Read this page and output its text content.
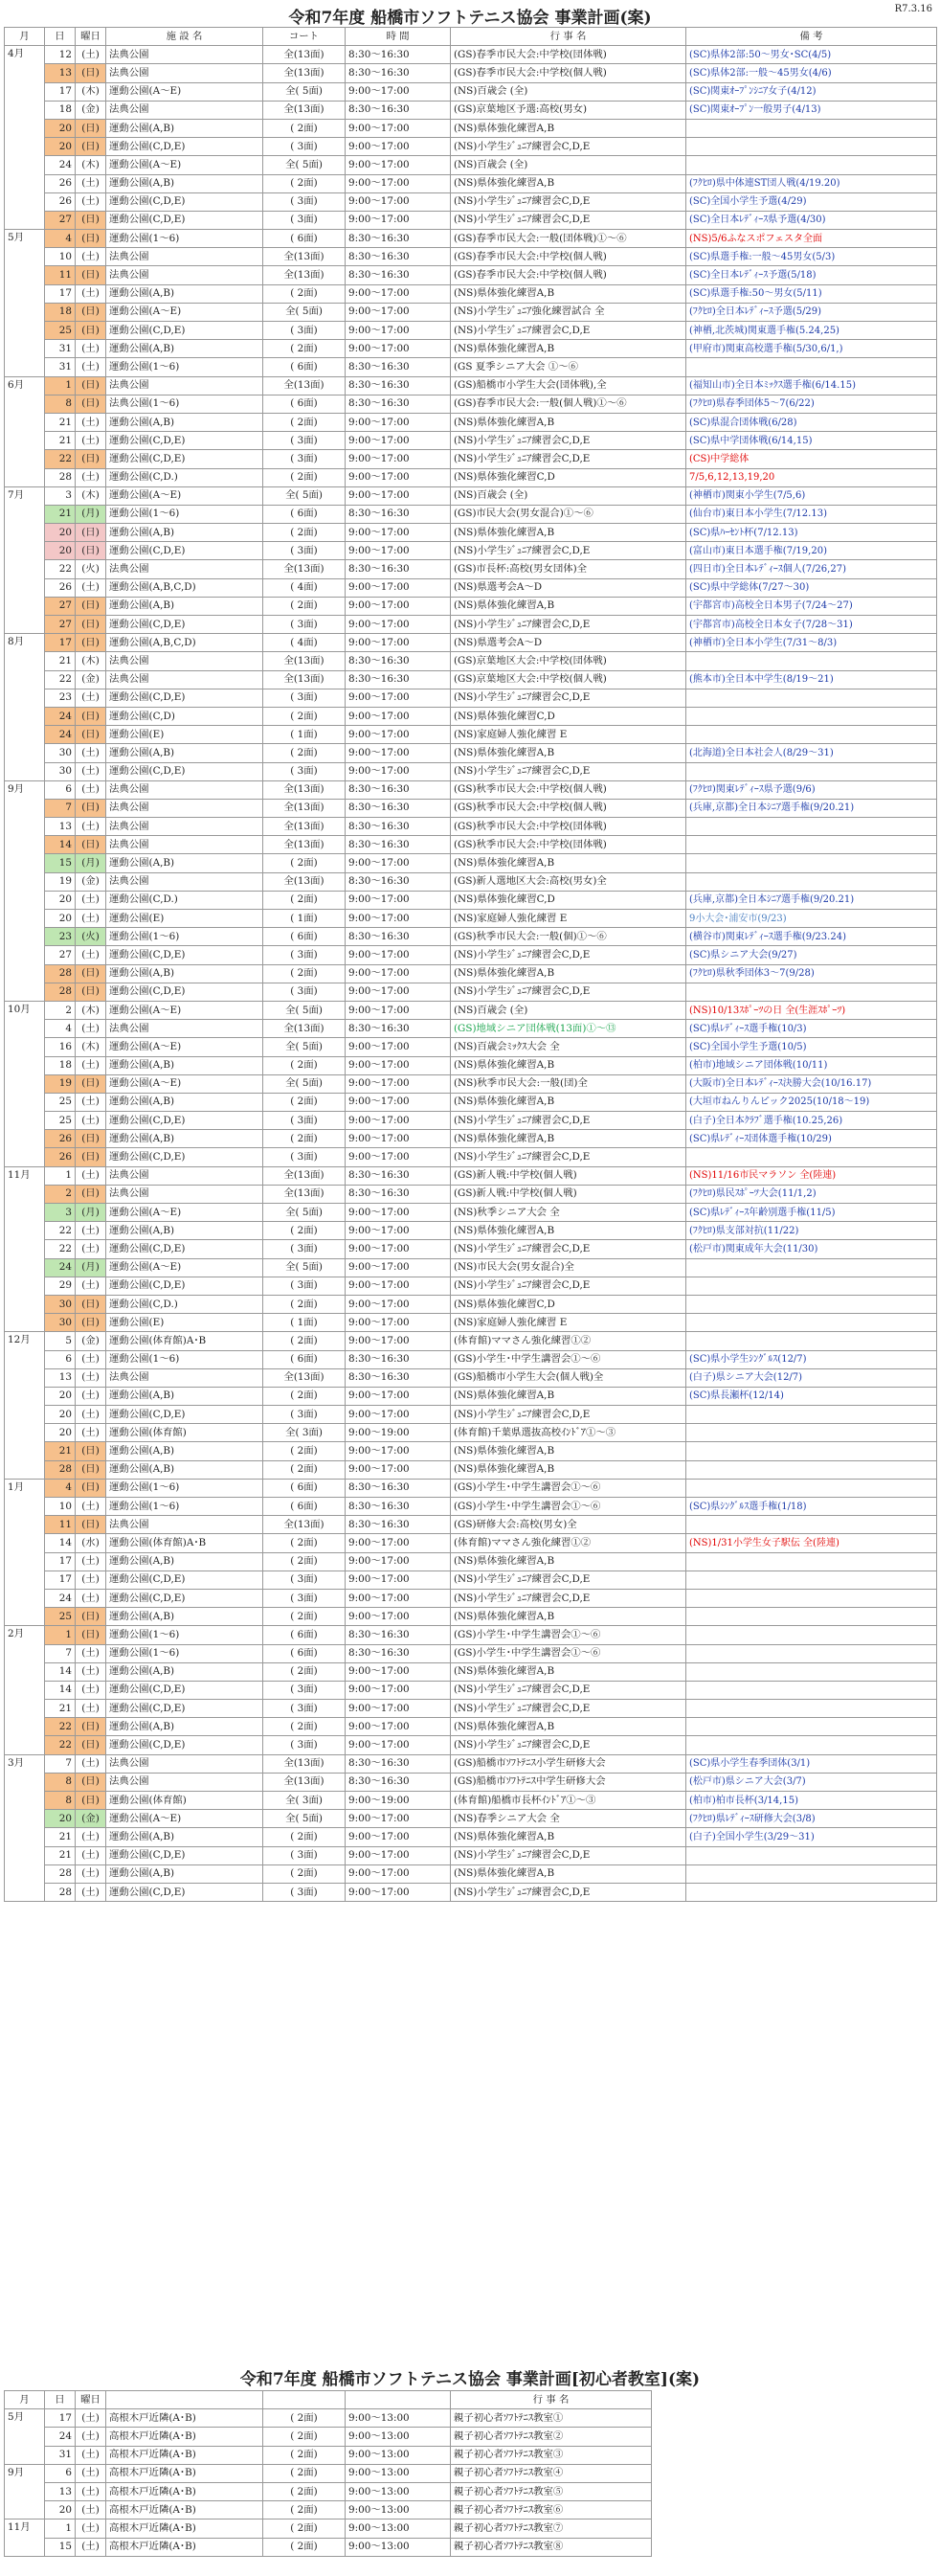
令和7年度 船橋市ソフトテニス協会 事業計画(案)	R7.3.16
月	日	曜日	施 設 名	コート	時 間	行 事 名	備 考
4月	12	(土)	法典公園	全(13面)	8:30～16:30	(GS)春季市民大会:中学校(団体戦)	(SC)県体2部:50～男女･SC(4/5)
	13	(日)	法典公園	全(13面)	8:30～16:30	(GS)春季市民大会:中学校(個人戦)	(SC)県体2部:一般～45男女(4/6)
	17	(木)	運動公園(A～E)	全( 5面)	9:00～17:00	(NS)百歳会 (全)	(SC)関東ｵｰﾌﾟﾝｼﾆｱ女子(4/12)
	18	(金)	法典公園	全(13面)	8:30～16:30	(GS)京葉地区予選:高校(男女)	(SC)関東ｵｰﾌﾟﾝ一般男子(4/13)
	20	(日)	運動公園(A,B)	( 2面)	9:00～17:00	(NS)県体強化練習A,B	
	20	(日)	運動公園(C,D,E)	( 3面)	9:00～17:00	(NS)小学生ｼﾞｭﾆｱ練習会C,D,E	
	24	(木)	運動公園(A～E)	全( 5面)	9:00～17:00	(NS)百歳会 (全)	
	26	(土)	運動公園(A,B)	( 2面)	9:00～17:00	(NS)県体強化練習A,B	(ﾌｸﾋﾛ)県中体連ST団人戦(4/19.20)
	26	(土)	運動公園(C,D,E)	( 3面)	9:00～17:00	(NS)小学生ｼﾞｭﾆｱ練習会C,D,E	(SC)全国小学生予選(4/29)
	27	(日)	運動公園(C,D,E)	( 3面)	9:00～17:00	(NS)小学生ｼﾞｭﾆｱ練習会C,D,E	(SC)全日本ﾚﾃﾞｨｰｽ県予選(4/30)
5月	4	(日)	運動公園(1～6)	( 6面)	8:30～16:30	(GS)春季市民大会:一般(団体戦)①～⑥	(NS)5/6ふなスポフェスタ全面
	10	(土)	法典公園	全(13面)	8:30～16:30	(GS)春季市民大会:中学校(個人戦)	(SC)県選手権:一般～45男女(5/3)
	11	(日)	法典公園	全(13面)	8:30～16:30	(GS)春季市民大会:中学校(個人戦)	(SC)全日本ﾚﾃﾞｨｰｽ予選(5/18)
	17	(土)	運動公園(A,B)	( 2面)	9:00～17:00	(NS)県体強化練習A,B	(SC)県選手権:50～男女(5/11)
	18	(日)	運動公園(A～E)	全( 5面)	9:00～17:00	(NS)小学生ｼﾞｭﾆｱ強化練習試合 全	(ﾌｸﾋﾛ)全日本ﾚﾃﾞｨｰｽ予選(5/29)
	25	(日)	運動公園(C,D,E)	( 3面)	9:00～17:00	(NS)小学生ｼﾞｭﾆｱ練習会C,D,E	(神栖,北茨城)関東選手権(5.24,25)
	31	(土)	運動公園(A,B)	( 2面)	9:00～17:00	(NS)県体強化練習A,B	(甲府市)関東高校選手権(5/30,6/1,)
	31	(土)	運動公園(1～6)	( 6面)	8:30～16:30	(GS 夏季シニア大会 ①～⑥	
6月	1	(日)	法典公園	全(13面)	8:30～16:30	(GS)船橋市小学生大会(団体戦),全	(福知山市)全日本ﾐｯｸｽ選手権(6/14.15)
	8	(日)	法典公園(1～6)	( 6面)	8:30～16:30	(GS)春季市民大会:一般(個人戦)①～⑥	(ﾌｸﾋﾛ)県春季団体5～7(6/22)
	21	(土)	運動公園(A,B)	( 2面)	9:00～17:00	(NS)県体強化練習A,B	(SC)県混合団体戦(6/28)
	21	(土)	運動公園(C,D,E)	( 3面)	9:00～17:00	(NS)小学生ｼﾞｭﾆｱ練習会C,D,E	(SC)県中学団体戦(6/14,15)
	22	(日)	運動公園(C,D,E)	( 3面)	9:00～17:00	(NS)小学生ｼﾞｭﾆｱ練習会C,D,E	(CS)中学総体
	28	(土)	運動公園(C,D.)	( 2面)	9:00～17:00	(NS)県体強化練習C,D	7/5,6,12,13,19,20
7月	3	(木)	運動公園(A～E)	全( 5面)	9:00～17:00	(NS)百歳会 (全)	(神栖市)関東小学生(7/5,6)
	21	(月)	運動公園(1～6)	( 6面)	8:30～16:30	(GS)市民大会(男女混合)①～⑥	(仙台市)東日本小学生(7/12.13)
	20	(日)	運動公園(A,B)	( 2面)	9:00～17:00	(NS)県体強化練習A,B	(SC)県ﾊｰｾﾝﾄ杯(7/12.13)
	20	(日)	運動公園(C,D,E)	( 3面)	9:00～17:00	(NS)小学生ｼﾞｭﾆｱ練習会C,D,E	(富山市)東日本選手権(7/19,20)
	22	(火)	法典公園	全(13面)	8:30～16:30	(GS)市長杯:高校(男女団体)全	(四日市)全日本ﾚﾃﾞｨｰｽ個人(7/26,27)
	26	(土)	運動公園(A,B,C,D)	( 4面)	9:00～17:00	(NS)県選考会A～D	(SC)県中学総体(7/27～30)
	27	(日)	運動公園(A,B)	( 2面)	9:00～17:00	(NS)県体強化練習A,B	(宇都宮市)高校全日本男子(7/24～27)
	27	(日)	運動公園(C,D,E)	( 3面)	9:00～17:00	(NS)小学生ｼﾞｭﾆｱ練習会C,D,E	(宇都宮市)高校全日本女子(7/28～31)
8月	17	(日)	運動公園(A,B,C,D)	( 4面)	9:00～17:00	(NS)県選考会A～D	(神栖市)全日本小学生(7/31～8/3)
	21	(木)	法典公園	全(13面)	8:30～16:30	(GS)京葉地区大会:中学校(団体戦)	
	22	(金)	法典公園	全(13面)	8:30～16:30	(GS)京葉地区大会:中学校(個人戦)	(熊本市)全日本中学生(8/19～21)
	23	(土)	運動公園(C,D,E)	( 3面)	9:00～17:00	(NS)小学生ｼﾞｭﾆｱ練習会C,D,E	
	24	(日)	運動公園(C,D)	( 2面)	9:00～17:00	(NS)県体強化練習C,D	
	24	(日)	運動公園(E)	( 1面)	9:00～17:00	(NS)家庭婦人強化練習 E	
	30	(土)	運動公園(A,B)	( 2面)	9:00～17:00	(NS)県体強化練習A,B	(北海道)全日本社会人(8/29～31)
	30	(土)	運動公園(C,D,E)	( 3面)	9:00～17:00	(NS)小学生ｼﾞｭﾆｱ練習会C,D,E	
9月	6	(土)	法典公園	全(13面)	8:30～16:30	(GS)秋季市民大会:中学校(個人戦)	(ﾌｸﾋﾛ)関東ﾚﾃﾞｨｰｽ県予選(9/6)
	7	(日)	法典公園	全(13面)	8:30～16:30	(GS)秋季市民大会:中学校(個人戦)	(兵庫,京都)全日本ｼﾆｱ選手権(9/20.21)
	13	(土)	法典公園	全(13面)	8:30～16:30	(GS)秋季市民大会:中学校(団体戦)	
	14	(日)	法典公園	全(13面)	8:30～16:30	(GS)秋季市民大会:中学校(団体戦)	
	15	(月)	運動公園(A,B)	( 2面)	9:00～17:00	(NS)県体強化練習A,B	
	19	(金)	法典公園	全(13面)	8:30～16:30	(GS)新人選地区大会:高校(男女)全	
	20	(土)	運動公園(C,D.)	( 2面)	9:00～17:00	(NS)県体強化練習C,D	(兵庫,京都)全日本ｼﾆｱ選手権(9/20.21)
	20	(土)	運動公園(E)	( 1面)	9:00～17:00	(NS)家庭婦人強化練習 E	9小大会･浦安市(9/23)
	23	(火)	運動公園(1～6)	( 6面)	8:30～16:30	(GS)秋季市民大会:一般(個)①～⑥	(横谷市)関東ﾚﾃﾞｨｰｽ選手権(9/23.24)
	27	(土)	運動公園(C,D,E)	( 3面)	9:00～17:00	(NS)小学生ｼﾞｭﾆｱ練習会C,D,E	(SC)県シニア大会(9/27)
	28	(日)	運動公園(A,B)	( 2面)	9:00～17:00	(NS)県体強化練習A,B	(ﾌｸﾋﾛ)県秋季団体3～7(9/28)
	28	(日)	運動公園(C,D,E)	( 3面)	9:00～17:00	(NS)小学生ｼﾞｭﾆｱ練習会C,D,E	
10月	2	(木)	運動公園(A～E)	全( 5面)	9:00～17:00	(NS)百歳会 (全)	(NS)10/13ｽﾎﾟｰﾂの日 全(生涯ｽﾎﾟｰﾂ)
	4	(土)	法典公園	全(13面)	8:30～16:30	(GS)地域シニア団体戦(13面)①～⑬	(SC)県ﾚﾃﾞｨｰｽ選手権(10/3)
	16	(木)	運動公園(A～E)	全( 5面)	9:00～17:00	(NS)百歳会ﾐｯｸｽ大会 全	(SC)全国小学生予選(10/5)
	18	(土)	運動公園(A,B)	( 2面)	9:00～17:00	(NS)県体強化練習A,B	(柏市)地域シニア団体戦(10/11)
	19	(日)	運動公園(A～E)	全( 5面)	9:00～17:00	(NS)秋季市民大会:一般(団)全	(大阪市)全日本ﾚﾃﾞｨｰｽ決勝大会(10/16.17)
	25	(土)	運動公園(A,B)	( 2面)	9:00～17:00	(NS)県体強化練習A,B	(大垣市ねんりんピック2025(10/18～19)
	25	(土)	運動公園(C,D,E)	( 3面)	9:00～17:00	(NS)小学生ｼﾞｭﾆｱ練習会C,D,E	(白子)全日本ｸﾗﾌﾞ選手権(10.25,26)
	26	(日)	運動公園(A,B)	( 2面)	9:00～17:00	(NS)県体強化練習A,B	(SC)県ﾚﾃﾞｨｰｽ団体選手権(10/29)
	26	(日)	運動公園(C,D,E)	( 3面)	9:00～17:00	(NS)小学生ｼﾞｭﾆｱ練習会C,D,E	
11月	1	(土)	法典公園	全(13面)	8:30～16:30	(GS)新人戦:中学校(個人戦)	(NS)11/16市民マラソン 全(陸連)
	2	(日)	法典公園	全(13面)	8:30～16:30	(GS)新人戦:中学校(個人戦)	(ﾌｸﾋﾛ)県民ｽﾎﾟｰﾂ大会(11/1,2)
	3	(月)	運動公園(A～E)	全( 5面)	9:00～17:00	(NS)秋季シニア大会 全	(SC)県ﾚﾃﾞｨｰｽ年齢別選手権(11/5)
	22	(土)	運動公園(A,B)	( 2面)	9:00～17:00	(NS)県体強化練習A,B	(ﾌｸﾋﾛ)県支部対抗(11/22)
	22	(土)	運動公園(C,D,E)	( 3面)	9:00～17:00	(NS)小学生ｼﾞｭﾆｱ練習会C,D,E	(松戸市)関東成年大会(11/30)
	24	(月)	運動公園(A～E)	全( 5面)	9:00～17:00	(NS)市民大会(男女混合)全	
	29	(土)	運動公園(C,D,E)	( 3面)	9:00～17:00	(NS)小学生ｼﾞｭﾆｱ練習会C,D,E	
	30	(日)	運動公園(C,D.)	( 2面)	9:00～17:00	(NS)県体強化練習C,D	
	30	(日)	運動公園(E)	( 1面)	9:00～17:00	(NS)家庭婦人強化練習 E	
12月	5	(金)	運動公園(体育館)A･B	( 2面)	9:00～17:00	(体育館)ママさん強化練習①②	
	6	(土)	運動公園(1～6)	( 6面)	8:30～16:30	(GS)小学生･中学生講習会①～⑥	(SC)県小学生ｼﾝｸﾞﾙｽ(12/7)
	13	(土)	法典公園	全(13面)	8:30～16:30	(GS)船橋市小学生大会(個人戦)全	(白子)県シニア大会(12/7)
	20	(土)	運動公園(A,B)	( 2面)	9:00～17:00	(NS)県体強化練習A,B	(SC)県長瀬杯(12/14)
	20	(土)	運動公園(C,D,E)	( 3面)	9:00～17:00	(NS)小学生ｼﾞｭﾆｱ練習会C,D,E	
	20	(土)	運動公園(体育館)	全( 3面)	9:00～19:00	(体育館)千葉県選抜高校ｲﾝﾄﾞｱ①～③	
	21	(日)	運動公園(A,B)	( 2面)	9:00～17:00	(NS)県体強化練習A,B	
	28	(日)	運動公園(A,B)	( 2面)	9:00～17:00	(NS)県体強化練習A,B	
1月	4	(日)	運動公園(1～6)	( 6面)	8:30～16:30	(GS)小学生･中学生講習会①～⑥	
	10	(土)	運動公園(1～6)	( 6面)	8:30～16:30	(GS)小学生･中学生講習会①～⑥	(SC)県ｼﾝｸﾞﾙｽ選手権(1/18)
	11	(日)	法典公園	全(13面)	8:30～16:30	(GS)研修大会:高校(男女)全	
	14	(水)	運動公園(体育館)A･B	( 2面)	9:00～17:00	(体育館)ママさん強化練習①②	(NS)1/31小学生女子駅伝 全(陸連)
	17	(土)	運動公園(A,B)	( 2面)	9:00～17:00	(NS)県体強化練習A,B	
	17	(土)	運動公園(C,D,E)	( 3面)	9:00～17:00	(NS)小学生ｼﾞｭﾆｱ練習会C,D,E	
	24	(土)	運動公園(C,D,E)	( 3面)	9:00～17:00	(NS)小学生ｼﾞｭﾆｱ練習会C,D,E	
	25	(日)	運動公園(A,B)	( 2面)	9:00～17:00	(NS)県体強化練習A,B	
2月	1	(日)	運動公園(1～6)	( 6面)	8:30～16:30	(GS)小学生･中学生講習会①～⑥	
	7	(土)	運動公園(1～6)	( 6面)	8:30～16:30	(GS)小学生･中学生講習会①～⑥	
	14	(土)	運動公園(A,B)	( 2面)	9:00～17:00	(NS)県体強化練習A,B	
	14	(土)	運動公園(C,D,E)	( 3面)	9:00～17:00	(NS)小学生ｼﾞｭﾆｱ練習会C,D,E	
	21	(土)	運動公園(C,D,E)	( 3面)	9:00～17:00	(NS)小学生ｼﾞｭﾆｱ練習会C,D,E	
	22	(日)	運動公園(A,B)	( 2面)	9:00～17:00	(NS)県体強化練習A,B	
	22	(日)	運動公園(C,D,E)	( 3面)	9:00～17:00	(NS)小学生ｼﾞｭﾆｱ練習会C,D,E	
3月	7	(土)	法典公園	全(13面)	8:30～16:30	(GS)船橋市ｿﾌﾄﾃﾆｽ小学生研修大会	(SC)県小学生春季団体(3/1)
	8	(日)	法典公園	全(13面)	8:30～16:30	(GS)船橋市ｿﾌﾄﾃﾆｽ中学生研修大会	(松戸市)県シニア大会(3/7)
	8	(日)	運動公園(体育館)	全( 3面)	9:00～19:00	(体育館)船橋市長杯ｲﾝﾄﾞｱ①～③	(柏市)柏市長杯(3/14,15)
	20	(金)	運動公園(A～E)	全( 5面)	9:00～17:00	(NS)春季シニア大会 全	(ﾌｸﾋﾛ)県ﾚﾃﾞｨｰｽ研修大会(3/8)
	21	(土)	運動公園(A,B)	( 2面)	9:00～17:00	(NS)県体強化練習A,B	(白子)全国小学生(3/29～31)
	21	(土)	運動公園(C,D,E)	( 3面)	9:00～17:00	(NS)小学生ｼﾞｭﾆｱ練習会C,D,E	
	28	(土)	運動公園(A,B)	( 2面)	9:00～17:00	(NS)県体強化練習A,B	
	28	(土)	運動公園(C,D,E)	( 3面)	9:00～17:00	(NS)小学生ｼﾞｭﾆｱ練習会C,D,E	
令和7年度 船橋市ソフトテニス協会 事業計画[初心者教室](案)
月	日	曜日				行 事 名
5月	17	(土)	高根木戸近隣(A･B)	( 2面)	9:00～13:00	親子初心者ｿﾌﾄﾃﾆｽ教室①
	24	(土)	高根木戸近隣(A･B)	( 2面)	9:00～13:00	親子初心者ｿﾌﾄﾃﾆｽ教室②
	31	(土)	高根木戸近隣(A･B)	( 2面)	9:00～13:00	親子初心者ｿﾌﾄﾃﾆｽ教室③
9月	6	(土)	高根木戸近隣(A･B)	( 2面)	9:00～13:00	親子初心者ｿﾌﾄﾃﾆｽ教室④
	13	(土)	高根木戸近隣(A･B)	( 2面)	9:00～13:00	親子初心者ｿﾌﾄﾃﾆｽ教室⑤
	20	(土)	高根木戸近隣(A･B)	( 2面)	9:00～13:00	親子初心者ｿﾌﾄﾃﾆｽ教室⑥
11月	1	(土)	高根木戸近隣(A･B)	( 2面)	9:00～13:00	親子初心者ｿﾌﾄﾃﾆｽ教室⑦
	15	(土)	高根木戸近隣(A･B)	( 2面)	9:00～13:00	親子初心者ｿﾌﾄﾃﾆｽ教室⑧
